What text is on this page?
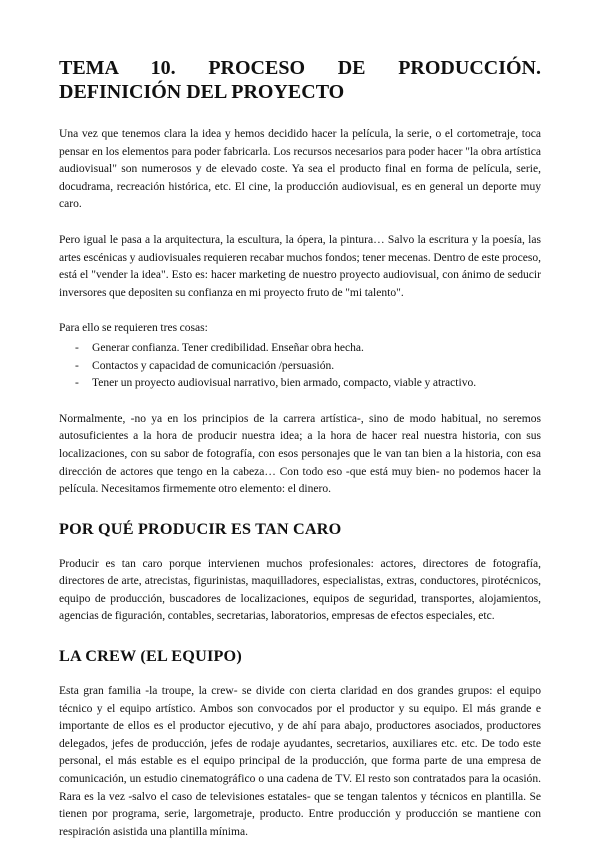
TEMA 10. PROCESO DE PRODUCCIÓN.
DEFINICIÓN DEL PROYECTO

Una vez que tenemos clara la idea y hemos decidido hacer la película, la serie, o el cortometraje, toca pensar en los elementos para poder fabricarla. Los recursos necesarios para poder hacer "la obra artística audiovisual" son numerosos y de elevado coste. Ya sea el producto final en forma de película, serie, docudrama, recreación histórica, etc. El cine, la producción audiovisual, es en general un deporte muy caro.

Pero igual le pasa a la arquitectura, la escultura, la ópera, la pintura… Salvo la escritura y la poesía, las artes escénicas y audiovisuales requieren recabar muchos fondos; tener mecenas. Dentro de este proceso, está el "vender la idea". Esto es: hacer marketing de nuestro proyecto audiovisual, con ánimo de seducir inversores que depositen su confianza en mi proyecto fruto de "mi talento".

Para ello se requieren tres cosas:

- Generar confianza. Tener credibilidad. Enseñar obra hecha.
- Contactos y capacidad de comunicación /persuasión.
- Tener un proyecto audiovisual narrativo, bien armado, compacto, viable y atractivo.

Normalmente, -no ya en los principios de la carrera artística-, sino de modo habitual, no seremos autosuficientes a la hora de producir nuestra idea; a la hora de hacer real nuestra historia, con sus localizaciones, con su sabor de fotografía, con esos personajes que le van tan bien a la historia, con esa dirección de actores que tengo en la cabeza… Con todo eso -que está muy bien- no podemos hacer la película. Necesitamos firmemente otro elemento: el dinero.

POR QUÉ PRODUCIR ES TAN CARO

Producir es tan caro porque intervienen muchos profesionales: actores, directores de fotografía, directores de arte, atrecistas, figurinistas, maquilladores, especialistas, extras, conductores, pirotécnicos, equipo de producción, buscadores de localizaciones, equipos de seguridad, transportes, alojamientos, agencias de figuración, contables, secretarias, laboratorios, empresas de efectos especiales, etc.

LA CREW (EL EQUIPO)

Esta gran familia -la troupe, la crew- se divide con cierta claridad en dos grandes grupos: el equipo técnico y el equipo artístico. Ambos son convocados por el productor y su equipo. El más grande e importante de ellos es el productor ejecutivo, y de ahí para abajo, productores asociados, productores delegados, jefes de producción, jefes de rodaje ayudantes, secretarios, auxiliares etc. etc. De todo este personal, el más estable es el equipo principal de la producción, que forma parte de una empresa de comunicación, un estudio cinematográfico o una cadena de TV. El resto son contratados para la ocasión. Rara es la vez -salvo el caso de televisiones estatales- que se tengan talentos y técnicos en plantilla. Se tienen por programa, serie, largometraje, producto. Entre producción y producción se mantiene con respiración asistida una plantilla mínima.
